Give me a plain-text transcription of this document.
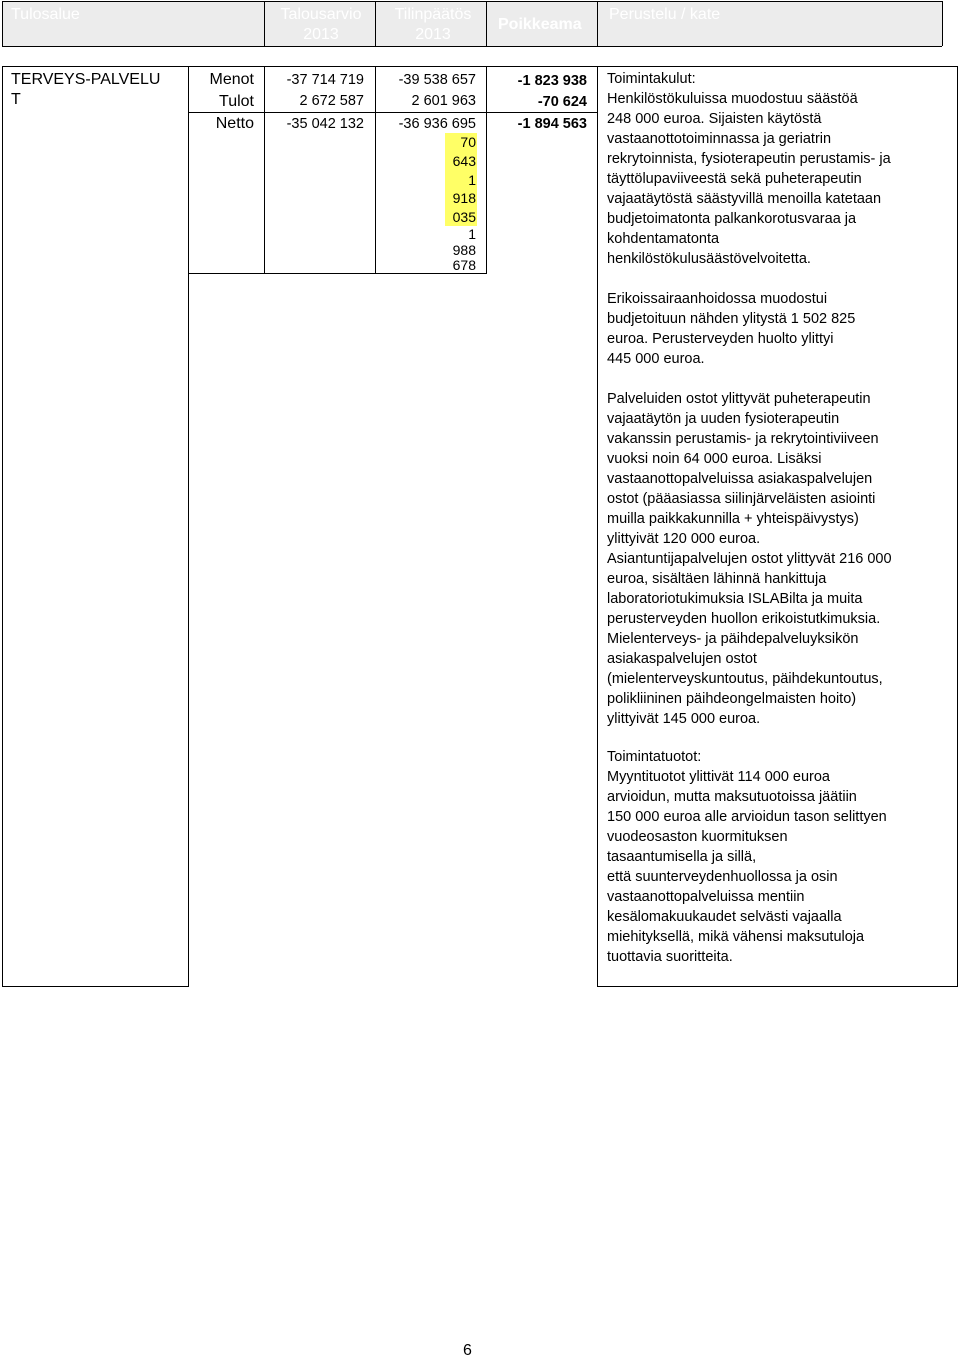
Tulosalue	Talousarvio
2013
Tilinpäätös
2013
Poikkeama
Perustelu / kate
TERVEYS-PALVELU
T
Menot
Tulot
Netto
-37 714 719
2 672 587
-35 042 132
-39 538 657
2 601 963
-36 936 695
70
643
1
918
035
1
988
678
-1 823 938
-70 624
-1 894 563
Toimintakulut:
Henkilöstökuluissa muodostuu säästöä
248 000 euroa. Sijaisten käytöstä
vastaanottotoiminnassa ja geriatrin
rekrytoinnista, fysioterapeutin perustamis- ja
täyttölupaviiveestä sekä puheterapeutin
vajaatäytöstä säästyvillä menoilla katetaan
budjetoimatonta palkankorotusvaraa ja
kohdentamatonta
henkilöstökulusäästövelvoitetta.
Erikoissairaanhoidossa muodostui
budjetoituun nähden ylitystä 1 502 825
euroa. Perusterveyden huolto ylittyi
445 000 euroa.
Palveluiden ostot ylittyvät puheterapeutin
vajaatäytön ja uuden fysioterapeutin
vakanssin perustamis- ja rekrytointiviiveen
vuoksi noin 64 000 euroa. Lisäksi
vastaanottopalveluissa asiakaspalvelujen
ostot (pääasiassa siilinjärveläisten asiointi
muilla paikkakunnilla + yhteispäivystys)
ylittyivät 120 000 euroa.
Asiantuntijapalvelujen ostot ylittyvät 216 000
euroa, sisältäen lähinnä hankittuja
laboratoriotukimuksia ISLABilta ja muita
perusterveyden huollon erikoistutkimuksia.
Mielenterveys- ja päihdepalveluyksikön
asiakaspalvelujen ostot
(mielenterveyskuntoutus, päihdekuntoutus,
polikliininen päihdeongelmaisten hoito)
ylittyivät 145 000 euroa.
Toimintatuotot:
Myyntituotot ylittivät 114 000 euroa
arvioidun, mutta maksutuotoissa jäätiin
150 000 euroa alle arvioidun tason selittyen
vuodeosaston kuormituksen
tasaantumisella ja sillä,
että suunterveydenhuollossa ja osin
vastaanottopalveluissa mentiin
kesälomakuukaudet selvästi vajaalla
miehityksellä, mikä vähensi maksutuloja
tuottavia suoritteita.
6
